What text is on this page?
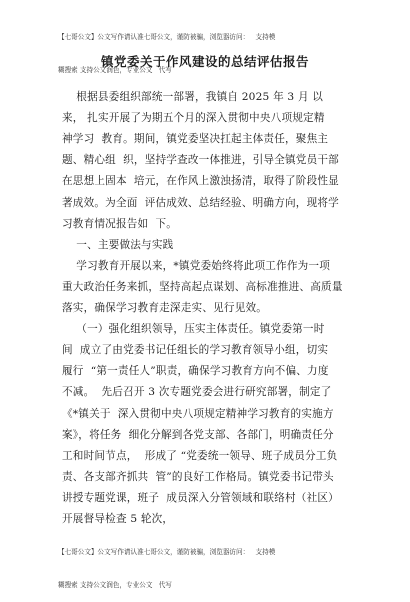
【七哥公文】公文写作请认准七哥公文，谨防被骗，浏览器访问：   支持模

糊搜索 支持公文润色，专业公文   代写

镇党委关于作风建设的总结评估报告
根据县委组织部统一部署，我镇自 2025 年 3 月 以
来， 扎实开展了为期五个月的深入贯彻中央八项规定精
神学习  教育。期间，镇党委坚决扛起主体责任，聚焦主
题、精心组  织，坚持学查改一体推进，引导全镇党员干部
在思想上固本  培元，在作风上激浊扬清，取得了阶段性显
著成效。为全面  评估成效、总结经验、明确方向，现将学
习教育情况报告如  下。
一、主要做法与实践
学习教育开展以来，*镇党委始终将此项工作作为一项
重大政治任务来抓，坚持高起点谋划、高标准推进、高质量
落实，确保学习教育走深走实、见行见效。
（一）强化组织领导，压实主体责任。镇党委第一时
间  成立了由党委书记任组长的学习教育领导小组，切实
履行  “第一责任人”职责，确保学习教育方向不偏、力度
不减。  先后召开 3 次专题党委会进行研究部署，制定了
《*镇关于  深入贯彻中央八项规定精神学习教育的实施方
案》，将任务  细化分解到各党支部、各部门，明确责任分
工和时间节点，  形成了 “党委统一领导、班子成员分工负
责、各支部齐抓共  管”的良好工作格局。镇党委书记带头
讲授专题党课，班子  成员深入分管领域和联络村（社区）
开展督导检查 5 轮次，

【七哥公文】公文写作请认准七哥公文，谨防被骗，浏览器访问：   支持模

糊搜索 支持公文润色，专业公文   代写
